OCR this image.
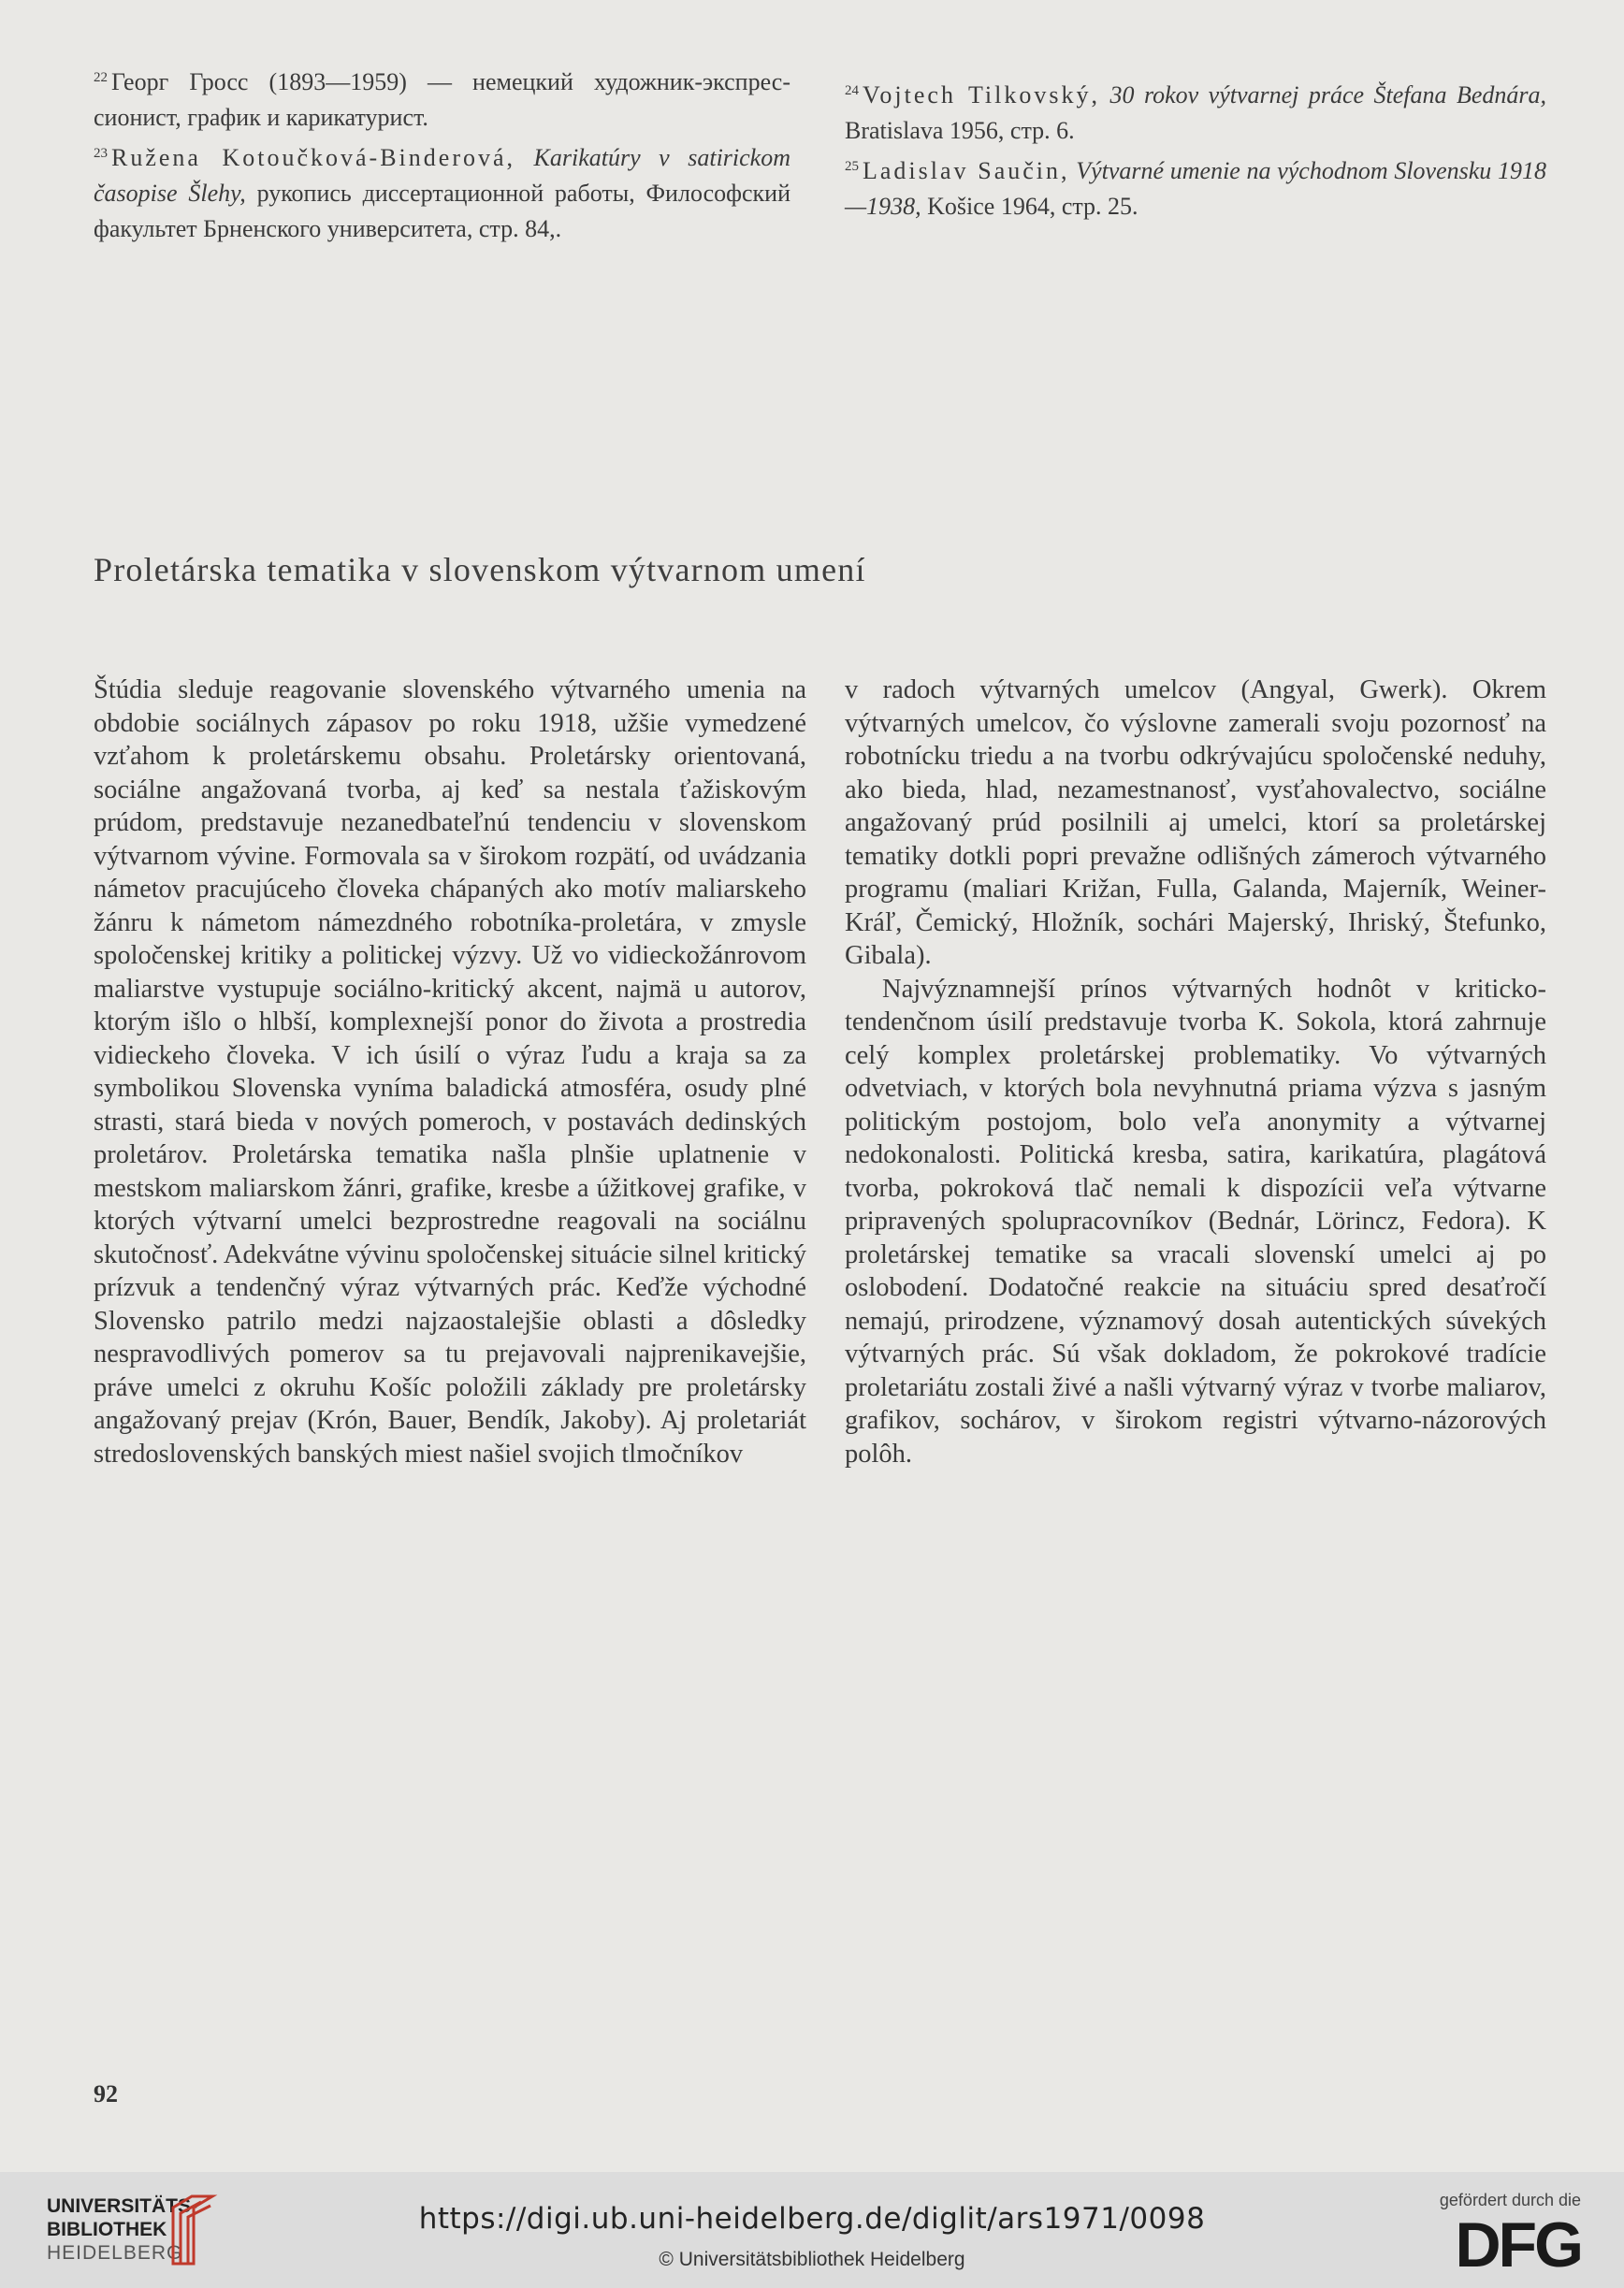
$^{22}$ Георг Гросс (1893—1959) — немецкий художник-экспрессионист, график и карикатурист.

$^{23}$ Ružena Kotoučková-Binderová, Karikatúry v satirickom časopise Šlehy, рукопись диссертационной работы, Философский факультет Брненского университета, стр. 84,.

$^{24}$ Vojtech Tilkovský, 30 rokov výtvarnej práce Štefana Bednára, Bratislava 1956, стр. 6.

$^{25}$ Ladislav Saučin, Výtvarné umenie na východnom Slovensku 1918—1938, Košice 1964, стр. 25.

Proletárska tematika v slovenskom výtvarnom umení

Štúdia sleduje reagovanie slovenského výtvarného umenia na obdobie sociálnych zápasov po roku 1918, užšie vymedzené vzťahom k proletárskemu obsahu. Proletársky orientovaná, sociálne angažovaná tvorba, aj keď sa nestala ťažiskovým prúdom, predstavuje nezanedbateľnú tendenciu v slovenskom výtvarnom vývine. Formovala sa v širokom rozpätí, od uvádzania námetov pracujúceho človeka chápaných ako motív maliarskeho žánru k námetom námezdného robotníka-proletára, v zmysle spoločenskej kritiky a politickej výzvy. Už vo vidieckožánrovom maliarstve vystupuje sociálno-kritický akcent, najmä u autorov, ktorým išlo o hlbší, komplexnejší ponor do života a prostredia vidieckeho človeka. V ich úsilí o výraz ľudu a kraja sa za symbolikou Slovenska vyníma baladická atmosféra, osudy plné strasti, stará bieda v nových pomeroch, v postavách dedinských proletárov. Proletárska tematika našla plnšie uplatnenie v mestskom maliarskom žánri, grafike, kresbe a úžitkovej grafike, v ktorých výtvarní umelci bezprostredne reagovali na sociálnu skutočnosť. Adekvátne vývinu spoločenskej situácie silnel kritický prízvuk a tendenčný výraz výtvarných prác. Keďže východné Slovensko patrilo medzi najzaostalejšie oblasti a dôsledky nespravodlivých pomerov sa tu prejavovali najprenikavejšie, práve umelci z okruhu Košíc položili základy pre proletársky angažovaný prejav (Krón, Bauer, Bendík, Jakoby). Aj proletariát stredoslovenských banských miest našiel svojich tlmočníkov

v radoch výtvarných umelcov (Angyal, Gwerk). Okrem výtvarných umelcov, čo výslovne zamerali svoju pozornosť na robotnícku triedu a na tvorbu odkrývajúcu spoločenské neduhy, ako bieda, hlad, nezamestnanosť, vysťahovalectvo, sociálne angažovaný prúd posilnili aj umelci, ktorí sa proletárskej tematiky dotkli popri prevažne odlišných zámeroch výtvarného programu (maliari Križan, Fulla, Galanda, Majerník, Weiner-Kráľ, Čemický, Hložník, sochári Majerský, Ihriský, Štefunko, Gibala).

Najvýznamnejší prínos výtvarných hodnôt v kritickotendenčnom úsilí predstavuje tvorba K. Sokola, ktorá zahrnuje celý komplex proletárskej problematiky. Vo výtvarných odvetviach, v ktorých bola nevyhnutná priama výzva s jasným politickým postojom, bolo veľa anonymity a výtvarnej nedokonalosti. Politická kresba, satira, karikatúra, plagátová tvorba, pokroková tlač nemali k dispozícii veľa výtvarne pripravených spolupracovníkov (Bednár, Lörincz, Fedora). K proletárskej tematike sa vracali slovenskí umelci aj po oslobodení. Dodatočné reakcie na situáciu spred desaťročí nemajú, prirodzene, významový dosah autentických súvekých výtvarných prác. Sú však dokladom, že pokrokové tradície proletariátu zostali živé a našli výtvarný výraz v tvorbe maliarov, grafikov, sochárov, v širokom registri výtvarno-názorových polôh.

92
UNIVERSITÄTS-
BIBLIOTHEK
HEIDELBERG
https://digi.ub.uni-heidelberg.de/diglit/ars1971/0098
© Universitätsbibliothek Heidelberg
gefördert durch die
DFG
